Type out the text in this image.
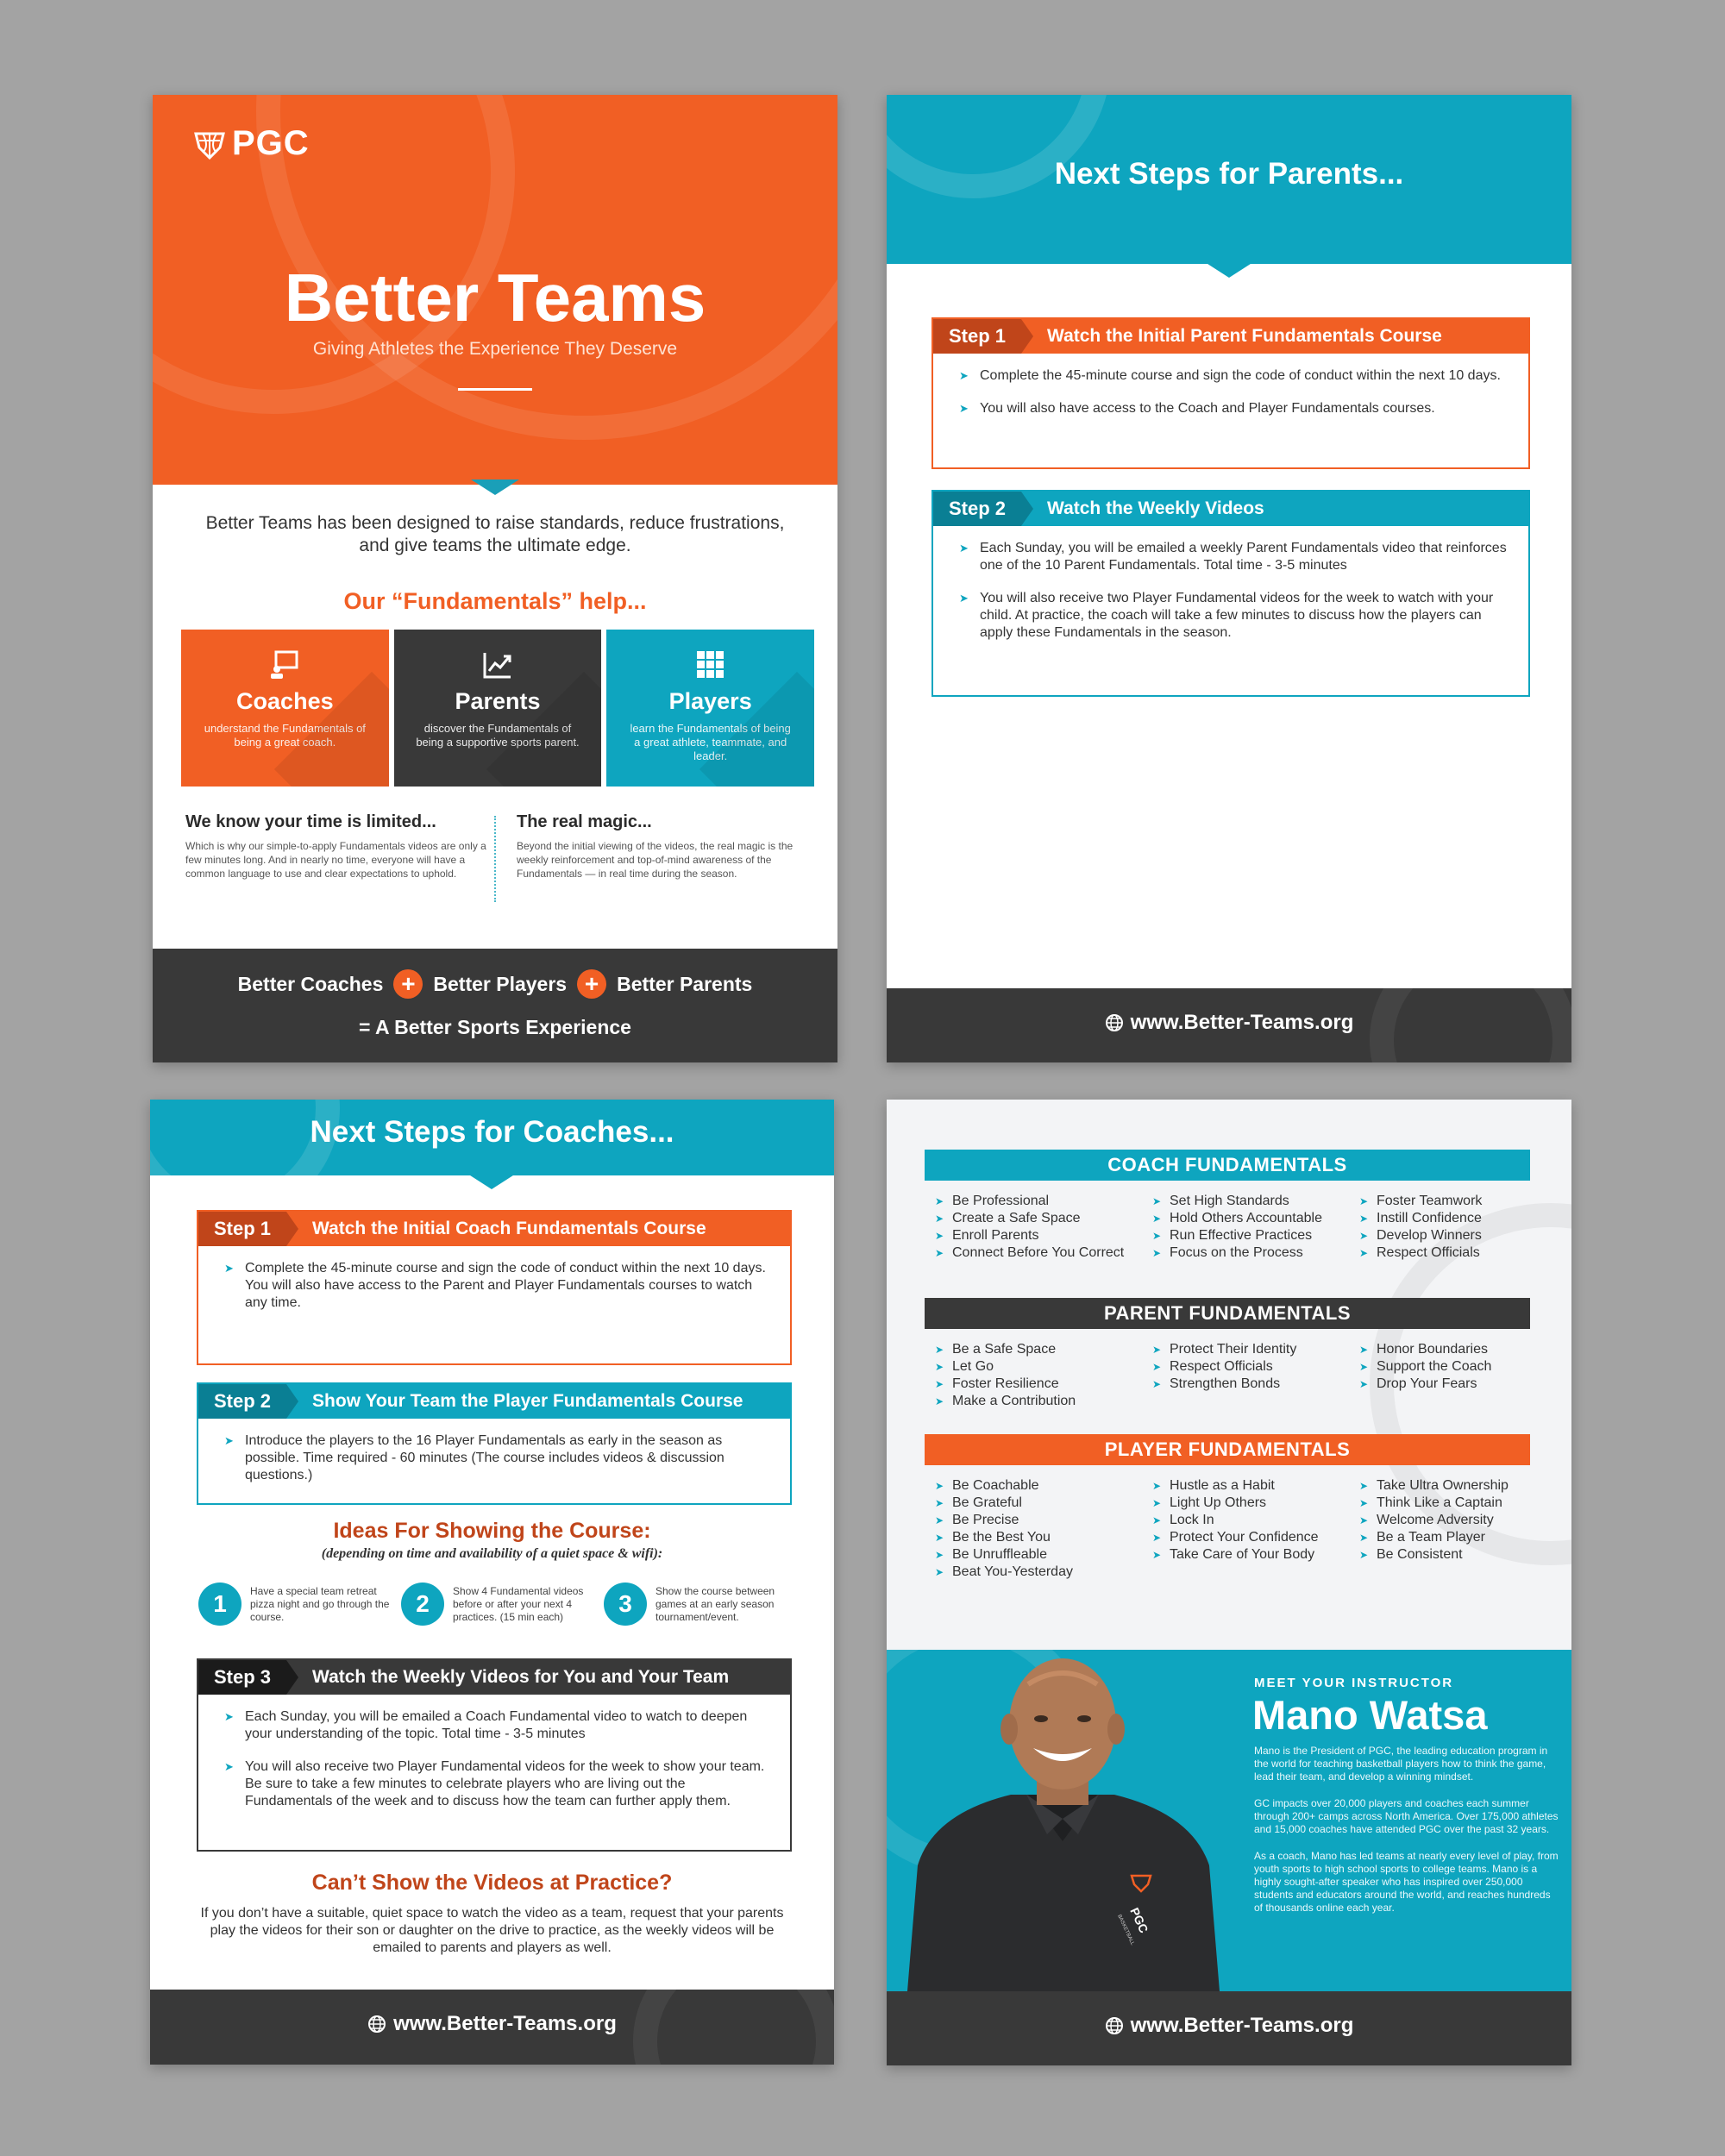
PGC
Better Teams
Giving Athletes the Experience They Deserve

Better Teams has been designed to raise standards, reduce frustrations, and give teams the ultimate edge.

Our “Fundamentals” help...
Coaches
understand the Fundamentals of being a great coach.
Parents
discover the Fundamentals of being a supportive sports parent.
Players
learn the Fundamentals of being a great athlete, teammate, and leader.
We know your time is limited...

Which is why our simple-to-apply Fundamentals videos are only a few minutes long. And in nearly no time, everyone will have a common language to use and clear expectations to uphold.

The real magic...

Beyond the initial viewing of the videos, the real magic is the weekly reinforcement and top-of-mind awareness of the Fundamentals — in real time during the season.

Better Coaches + Better Players + Better Parents
= A Better Sports Experience
Next Steps for Parents...
Step 1	Watch the Initial Parent Fundamentals Course
➤ Complete the 45-minute course and sign the code of conduct within the next 10 days.
➤ You will also have access to the Coach and Player Fundamentals courses.
Step 2	Watch the Weekly Videos
➤ Each Sunday, you will be emailed a weekly Parent Fundamentals video that reinforces one of the 10 Parent Fundamentals. Total time - 3-5 minutes
➤ You will also receive two Player Fundamental videos for the week to watch with your child. At practice, the coach will take a few minutes to discuss how the players can apply these Fundamentals in the season.
www.Better-Teams.org
Next Steps for Coaches...
Step 1	Watch the Initial Coach Fundamentals Course
➤ Complete the 45-minute course and sign the code of conduct within the next 10 days. You will also have access to the Parent and Player Fundamentals courses to watch any time.
Step 2	Show Your Team the Player Fundamentals Course
➤ Introduce the players to the 16 Player Fundamentals as early in the season as possible. Time required - 60 minutes (The course includes videos & discussion questions.)
Ideas For Showing the Course:
(depending on time and availability of a quiet space & wifi):
1	Have a special team retreat pizza night and go through the course.	2	Show 4 Fundamental videos before or after your next 4 practices. (15 min each)	3	Show the course between games at an early season tournament/event.

Step 3	Watch the Weekly Videos for You and Your Team
➤ Each Sunday, you will be emailed a Coach Fundamental video to watch to deepen your understanding of the topic. Total time - 3-5 minutes
➤ You will also receive two Player Fundamental videos for the week to show your team. Be sure to take a few minutes to celebrate players who are living out the Fundamentals of the week and to discuss how the team can further apply them.
Can’t Show the Videos at Practice?

If you don’t have a suitable, quiet space to watch the video as a team, request that your parents play the videos for their son or daughter on the drive to practice, as the weekly videos will be emailed to parents and players as well.

www.Better-Teams.org
COACH FUNDAMENTALS
➤ Be Professional
➤ Create a Safe Space
➤ Enroll Parents
➤ Connect Before You Correct
➤ Set High Standards
➤ Hold Others Accountable
➤ Run Effective Practices
➤ Focus on the Process
➤ Foster Teamwork
➤ Instill Confidence
➤ Develop Winners
➤ Respect Officials
PARENT FUNDAMENTALS
➤ Be a Safe Space
➤ Let Go
➤ Foster Resilience
➤ Make a Contribution
➤ Protect Their Identity
➤ Respect Officials
➤ Strengthen Bonds
➤ Honor Boundaries
➤ Support the Coach
➤ Drop Your Fears
PLAYER FUNDAMENTALS
➤ Be Coachable
➤ Be Grateful
➤ Be Precise
➤ Be the Best You
➤ Be Unruffleable
➤ Beat You-Yesterday
➤ Hustle as a Habit
➤ Light Up Others
➤ Lock In
➤ Protect Your Confidence
➤ Take Care of Your Body
➤ Take Ultra Ownership
➤ Think Like a Captain
➤ Welcome Adversity
➤ Be a Team Player
➤ Be Consistent
PGC
BASKETBALL
MEET YOUR INSTRUCTOR
Mano Watsa

Mano is the President of PGC, the leading education program in the world for teaching basketball players how to think the game, lead their team, and develop a winning mindset.

GC impacts over 20,000 players and coaches each summer through 200+ camps across North America. Over 175,000 athletes and 15,000 coaches have attended PGC over the past 32 years.

As a coach, Mano has led teams at nearly every level of play, from youth sports to high school sports to college teams. Mano is a highly sought-after speaker who has inspired over 250,000 students and educators around the world, and reaches hundreds of thousands online each year.

www.Better-Teams.org
